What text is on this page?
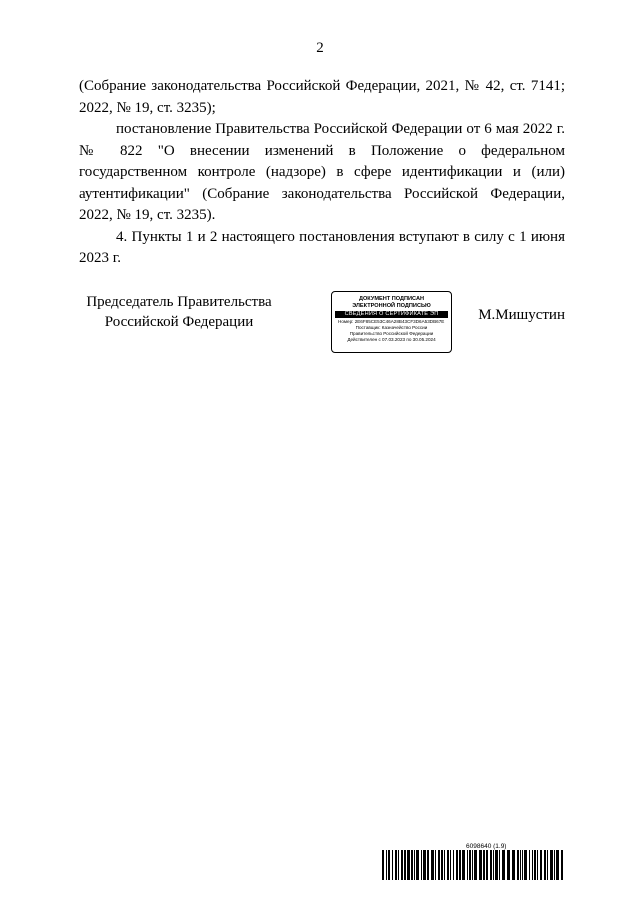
2

(Собрание законодательства Российской Федерации, 2021, № 42, ст. 7141; 2022, № 19, ст. 3235);

постановление Правительства Российской Федерации от 6 мая 2022 г. № 822 "О внесении изменений в Положение о федеральном государственном контроле (надзоре) в сфере идентификации и (или) аутентификации" (Собрание законодательства Российской Федерации, 2022, № 19, ст. 3235).

4. Пункты 1 и 2 настоящего постановления вступают в силу с 1 июня 2023 г.

Председатель Правительства
Российской Федерации
ДОКУМЕНТ ПОДПИСАН
ЭЛЕКТРОННОЙ ПОДПИСЬЮ
СВЕДЕНИЯ О СЕРТИФИКАТЕ ЭП
Номер: 2E6F85CE53C46A28B43CF3D6A53DB67E
Поставщик: Казначейство России
Правительство Российской Федерации
Действителен с 07.03.2023 по 30.05.2024
М.Мишустин
6098640 (1.9)
